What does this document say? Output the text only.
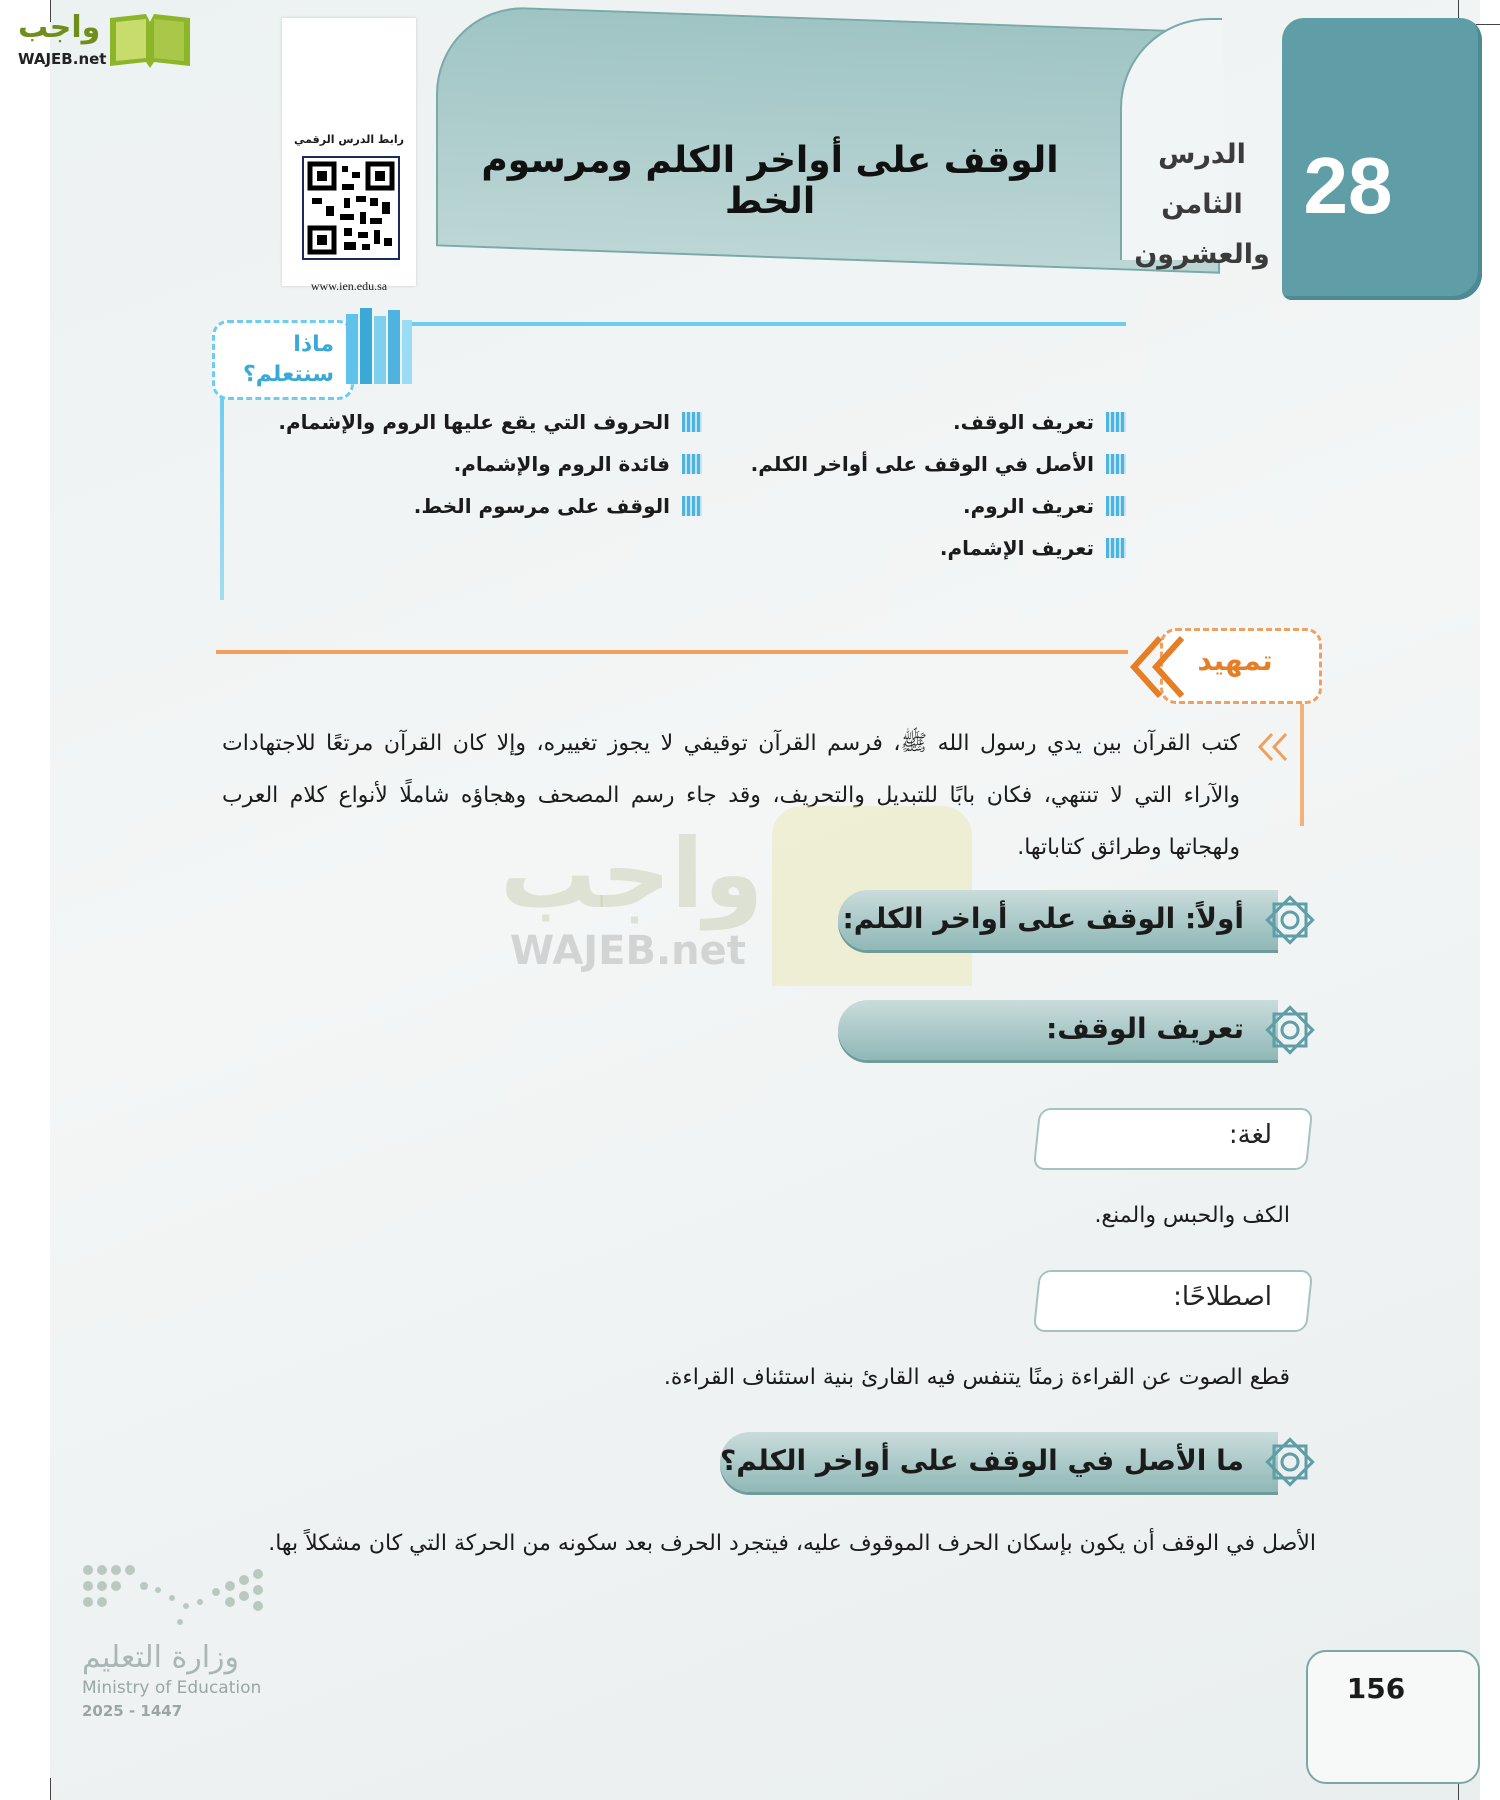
واجب
WAJEB.net
رابط الدرس الرقمي
www.ien.edu.sa
الوقف على أواخر الكلم ومرسوم الخط	28
الدرس الثامن
والعشرون
ماذا
سنتعلم؟
تعريف الوقف.
الأصل في الوقف على أواخر الكلم.
تعريف الروم.
تعريف الإشمام.
الحروف التي يقع عليها الروم والإشمام.
فائدة الروم والإشمام.
الوقف على مرسوم الخط.
تمهيد
كتب القرآن بين يدي رسول الله ﷺ، فرسم القرآن توقيفي لا يجوز تغييره، وإلا كان القرآن مرتعًا للاجتهادات والآراء التي لا تنتهي، فكان بابًا للتبديل والتحريف، وقد جاء رسم المصحف وهجاؤه شاملًا لأنواع كلام العرب ولهجاتها وطرائق كتاباتها.
واجب
WAJEB.net
أولاً: الوقف على أواخر الكلم:
تعريف الوقف:
لغة:
الكف والحبس والمنع.
اصطلاحًا:
قطع الصوت عن القراءة زمنًا يتنفس فيه القارئ بنية استئناف القراءة.
ما الأصل في الوقف على أواخر الكلم؟
الأصل في الوقف أن يكون بإسكان الحرف الموقوف عليه، فيتجرد الحرف بعد سكونه من الحركة التي كان مشكلاً بها.
وزارة التعليم
Ministry of Education
2025 - 1447
156
